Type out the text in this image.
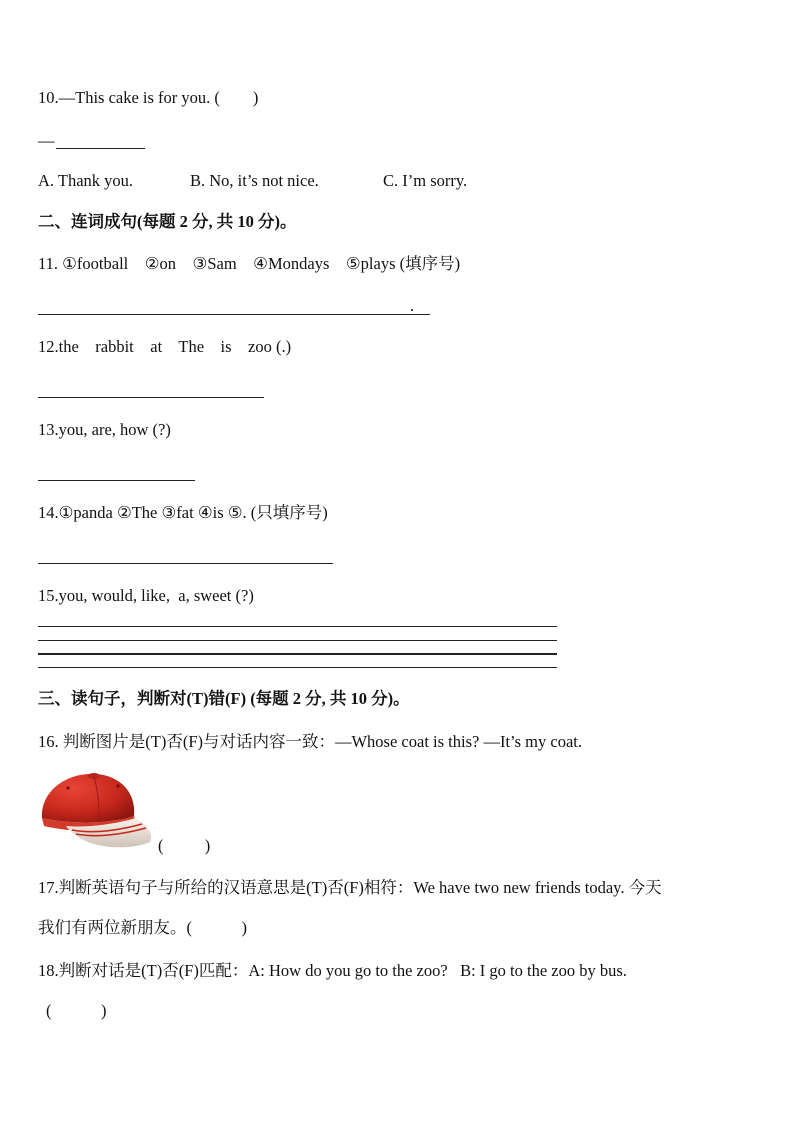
10.—This cake is for you. (        )
—
A. Thank you.	B. No, it’s not nice.	C. I’m sorry.
二、连词成句(每题 2 分, 共 10 分)。
11. ①football    ②on    ③Sam    ④Mondays    ⑤plays (填序号)
.
12.the    rabbit    at    The    is    zoo (.)
13.you, are, how (?)
14.①panda ②The ③fat ④is ⑤. (只填序号)
15.you, would, like,  a, sweet (?)
三、读句子，判断对(T)错(F) (每题 2 分, 共 10 分)。
16. 判断图片是(T)否(F)与对话内容一致：—Whose coat is this? —It’s my coat.
(          )
17.判断英语句子与所给的汉语意思是(T)否(F)相符：We have two new friends today. 今天
我们有两位新朋友。(            )
18.判断对话是(T)否(F)匹配：A: How do you go to the zoo?   B: I go to the zoo by bus.
(            )
